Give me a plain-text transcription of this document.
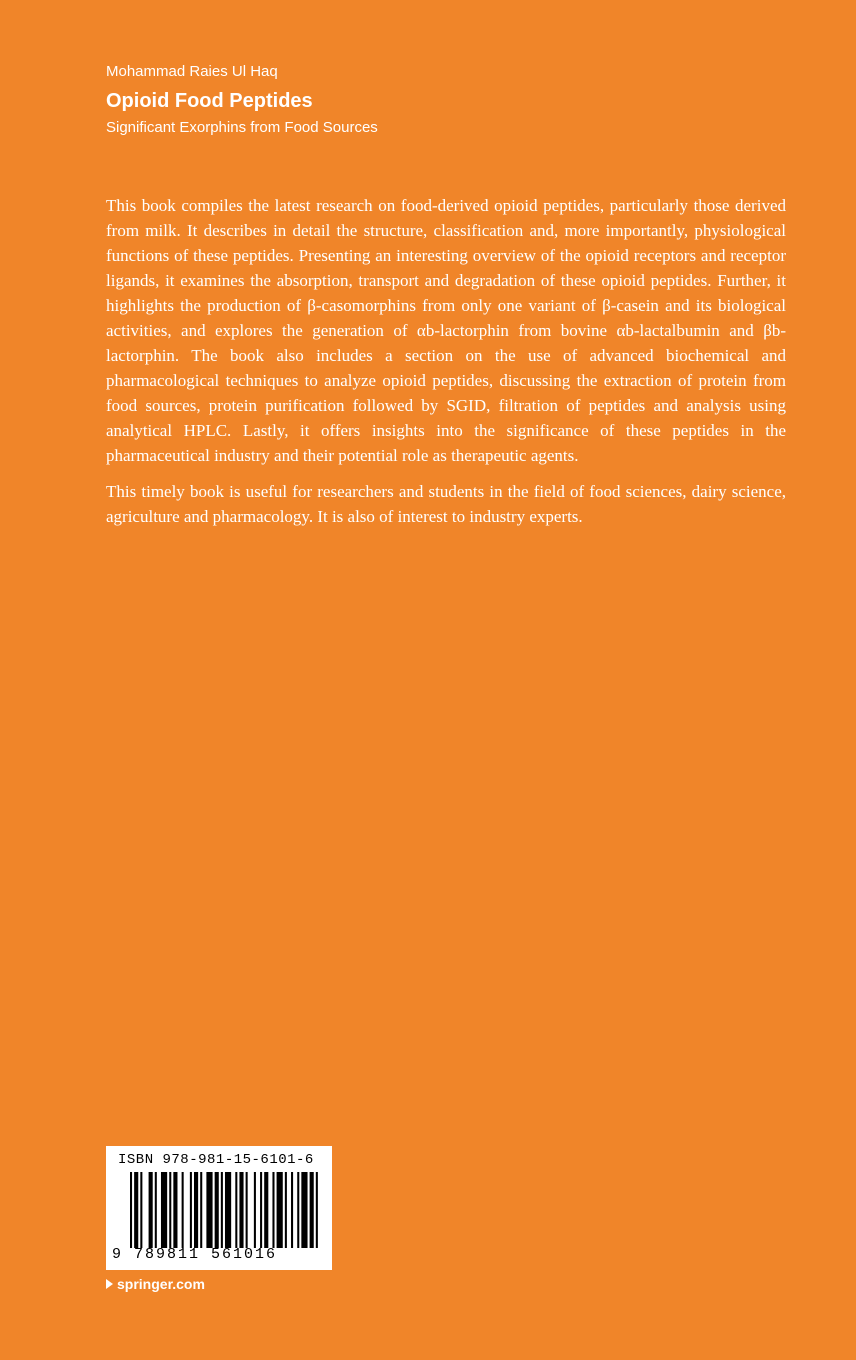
Mohammad Raies Ul Haq

Opioid Food Peptides

Significant Exorphins from Food Sources

This book compiles the latest research on food-derived opioid peptides, particularly those derived from milk. It describes in detail the structure, classification and, more importantly, physiological functions of these peptides. Presenting an interesting overview of the opioid receptors and receptor ligands, it examines the absorption, transport and degradation of these opioid peptides. Further, it highlights the production of β-casomorphins from only one variant of β-casein and its biological activities, and explores the generation of αb-lactorphin from bovine αb-lactalbumin and βb-lactorphin. The book also includes a section on the use of advanced biochemical and pharmacological techniques to analyze opioid peptides, discussing the extraction of protein from food sources, protein purification followed by SGID, filtration of peptides and analysis using analytical HPLC. Lastly, it offers insights into the significance of these peptides in the pharmaceutical industry and their potential role as therapeutic agents.

This timely book is useful for researchers and students in the field of food sciences, dairy science, agriculture and pharmacology. It is also of interest to industry experts.

ISBN 978-981-15-6101-6
9 789811 561016
springer.com
